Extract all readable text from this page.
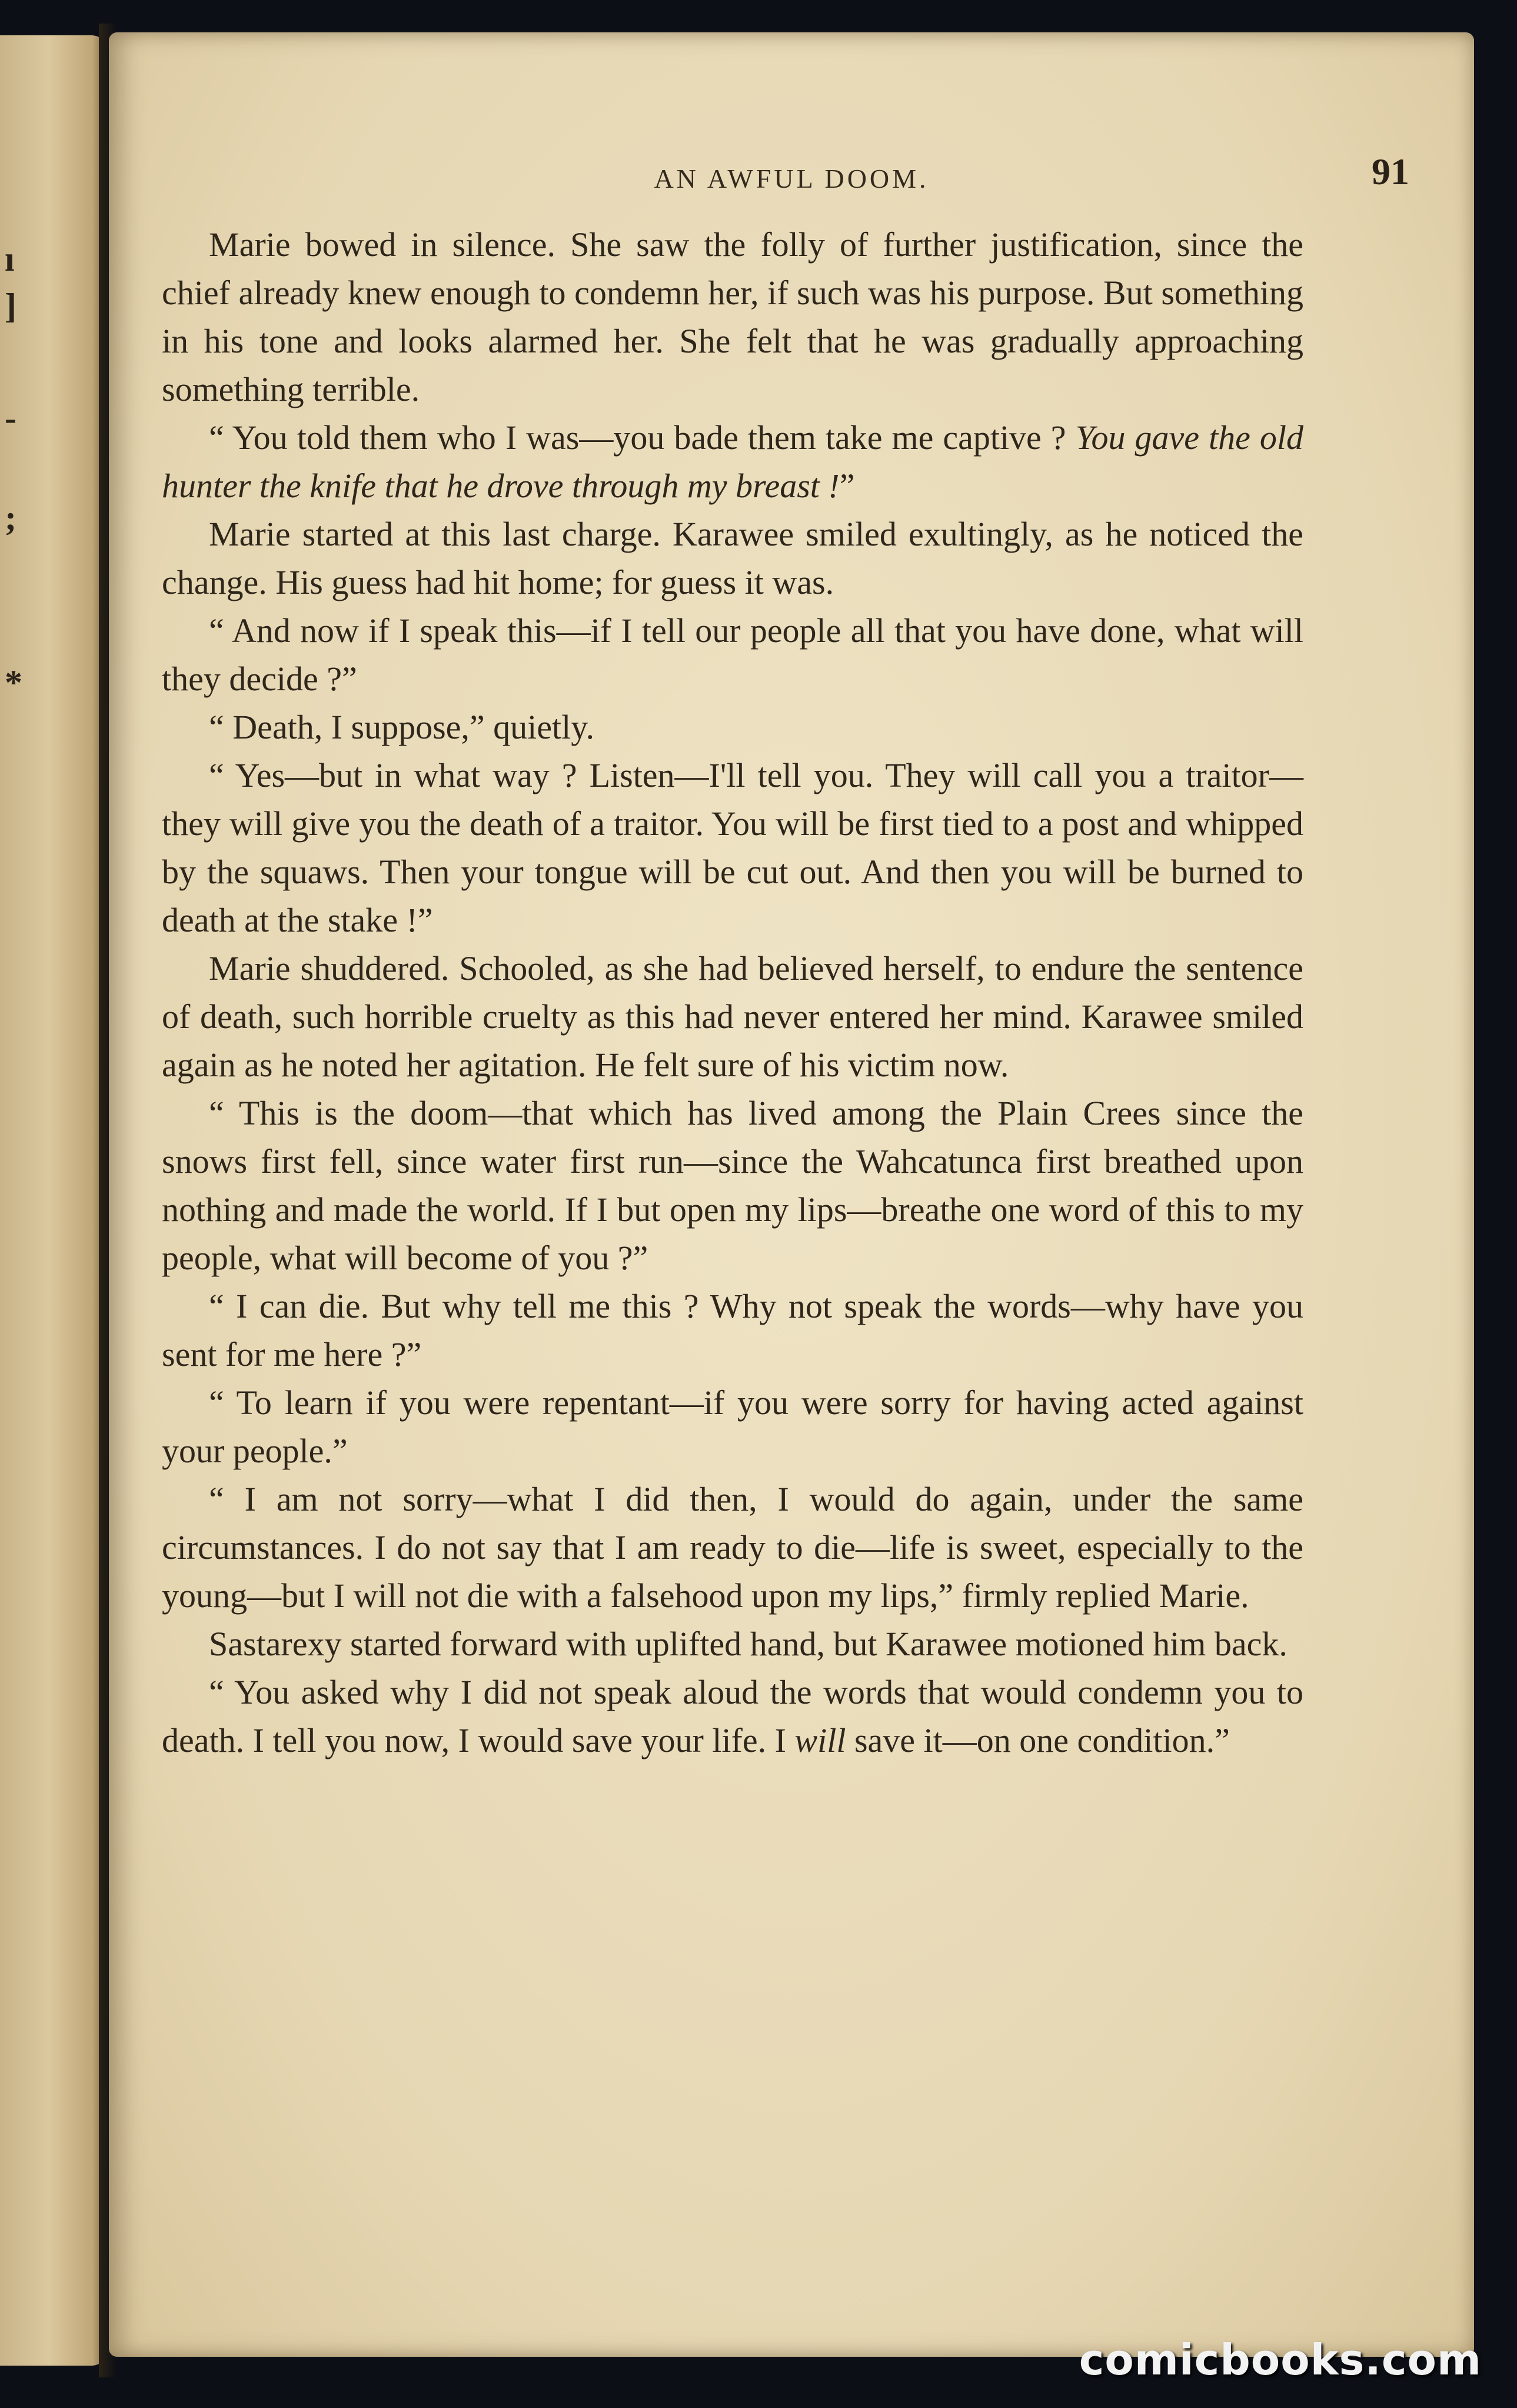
ı
]
-
;
*
AN AWFUL DOOM.	91

Marie bowed in silence. She saw the folly of further justification, since the chief already knew enough to condemn her, if such was his purpose. But something in his tone and looks alarmed her. She felt that he was gradually approaching something terrible.

“ You told them who I was—you bade them take me captive ? You gave the old hunter the knife that he drove through my breast !”

Marie started at this last charge. Karawee smiled exultingly, as he noticed the change. His guess had hit home; for guess it was.

“ And now if I speak this—if I tell our people all that you have done, what will they decide ?”

“ Death, I suppose,” quietly.

“ Yes—but in what way ? Listen—I'll tell you. They will call you a traitor—they will give you the death of a traitor. You will be first tied to a post and whipped by the squaws. Then your tongue will be cut out. And then you will be burned to death at the stake !”

Marie shuddered. Schooled, as she had believed herself, to endure the sentence of death, such horrible cruelty as this had never entered her mind. Karawee smiled again as he noted her agitation. He felt sure of his victim now.

“ This is the doom—that which has lived among the Plain Crees since the snows first fell, since water first run—since the Wahcatunca first breathed upon nothing and made the world. If I but open my lips—breathe one word of this to my people, what will become of you ?”

“ I can die. But why tell me this ? Why not speak the words—why have you sent for me here ?”

“ To learn if you were repentant—if you were sorry for having acted against your people.”

“ I am not sorry—what I did then, I would do again, under the same circumstances. I do not say that I am ready to die—life is sweet, especially to the young—but I will not die with a falsehood upon my lips,” firmly replied Marie.

Sastarexy started forward with uplifted hand, but Karawee motioned him back.

“ You asked why I did not speak aloud the words that would condemn you to death. I tell you now, I would save your life. I will save it—on one condition.”

comicbooks.com
